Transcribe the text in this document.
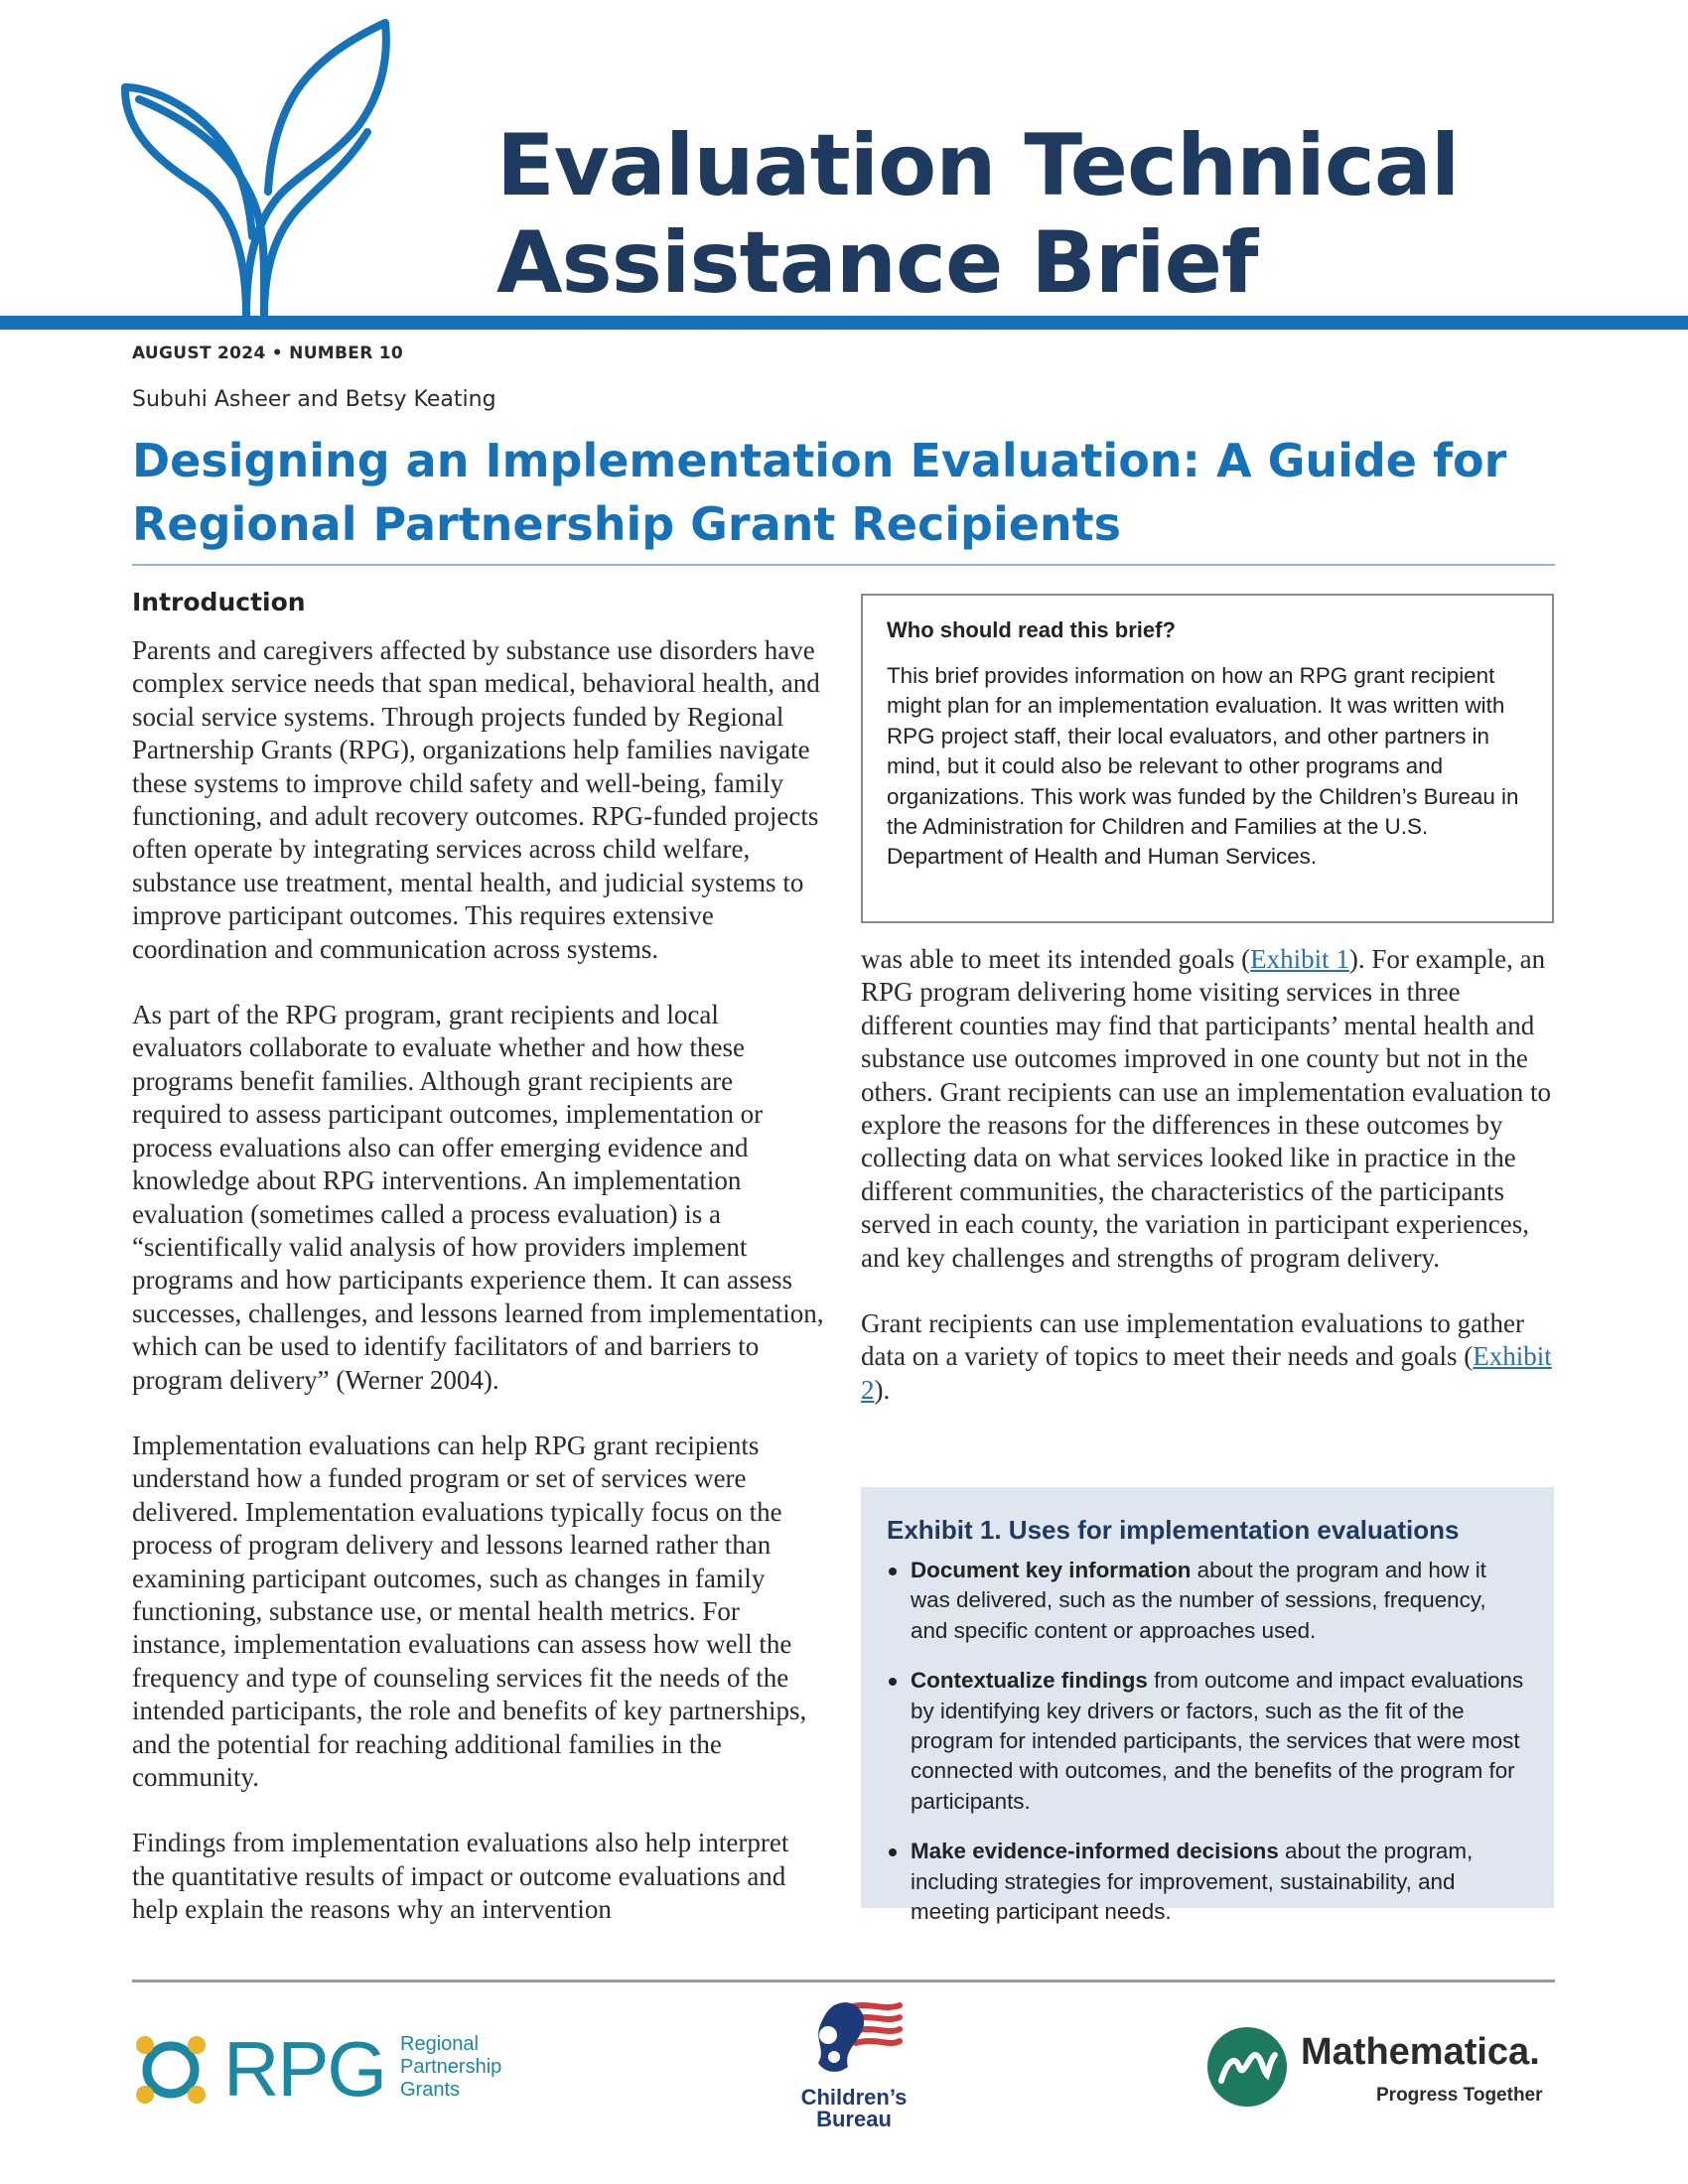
Evaluation Technical
Assistance Brief
AUGUST 2024 • NUMBER 10
Subuhi Asheer and Betsy Keating
Designing an Implementation Evaluation: A Guide for
Regional Partnership Grant Recipients
Introduction

Parents and caregivers affected by substance use disorders have complex service needs that span medical, behavioral health, and social service systems. Through projects funded by Regional Partnership Grants (RPG), organizations help families navigate these systems to improve child safety and well-being, family functioning, and adult recovery outcomes. RPG-funded projects often operate by integrating services across child welfare, substance use treatment, mental health, and judicial systems to improve participant outcomes. This requires extensive coordination and communication across systems.

As part of the RPG program, grant recipients and local evaluators collaborate to evaluate whether and how these programs benefit families. Although grant recipients are required to assess participant outcomes, implementation or process evaluations also can offer emerging evidence and knowledge about RPG interventions. An implementation evaluation (sometimes called a process evaluation) is a “scientifically valid analysis of how providers implement programs and how participants experience them. It can assess successes, challenges, and lessons learned from implementation, which can be used to identify facilitators of and barriers to program delivery” (Werner 2004).

Implementation evaluations can help RPG grant recipients understand how a funded program or set of services were delivered. Implementation evaluations typically focus on the process of program delivery and lessons learned rather than examining participant outcomes, such as changes in family functioning, substance use, or mental health metrics. For instance, implementation evaluations can assess how well the frequency and type of counseling services fit the needs of the intended participants, the role and benefits of key partnerships, and the potential for reaching additional families in the community.

Findings from implementation evaluations also help interpret the quantitative results of impact or outcome evaluations and help explain the reasons why an intervention

Who should read this brief?
This brief provides information on how an RPG grant recipient might plan for an implementation evaluation. It was written with RPG project staff, their local evaluators, and other partners in mind, but it could also be relevant to other programs and organizations. This work was funded by the Children’s Bureau in the Administration for Children and Families at the U.S. Department of Health and Human Services.

was able to meet its intended goals (Exhibit 1). For example, an RPG program delivering home visiting services in three different counties may find that participants’ mental health and substance use outcomes improved in one county but not in the others. Grant recipients can use an implementation evaluation to explore the reasons for the differences in these outcomes by collecting data on what services looked like in practice in the different communities, the characteristics of the participants served in each county, the variation in participant experiences, and key challenges and strengths of program delivery.

Grant recipients can use implementation evaluations to gather data on a variety of topics to meet their needs and goals (Exhibit 2).

Exhibit 1. Uses for implementation evaluations
Document key information about the program and how it was delivered, such as the number of sessions, frequency, and specific content or approaches used.
Contextualize findings from outcome and impact evaluations by identifying key drivers or factors, such as the fit of the program for intended participants, the services that were most connected with outcomes, and the benefits of the program for participants.
Make evidence-informed decisions about the program, including strategies for improvement, sustainability, and meeting participant needs.
RPG Regional
Partnership
Grants	Children’s
Bureau
Mathematica.
Progress Together
